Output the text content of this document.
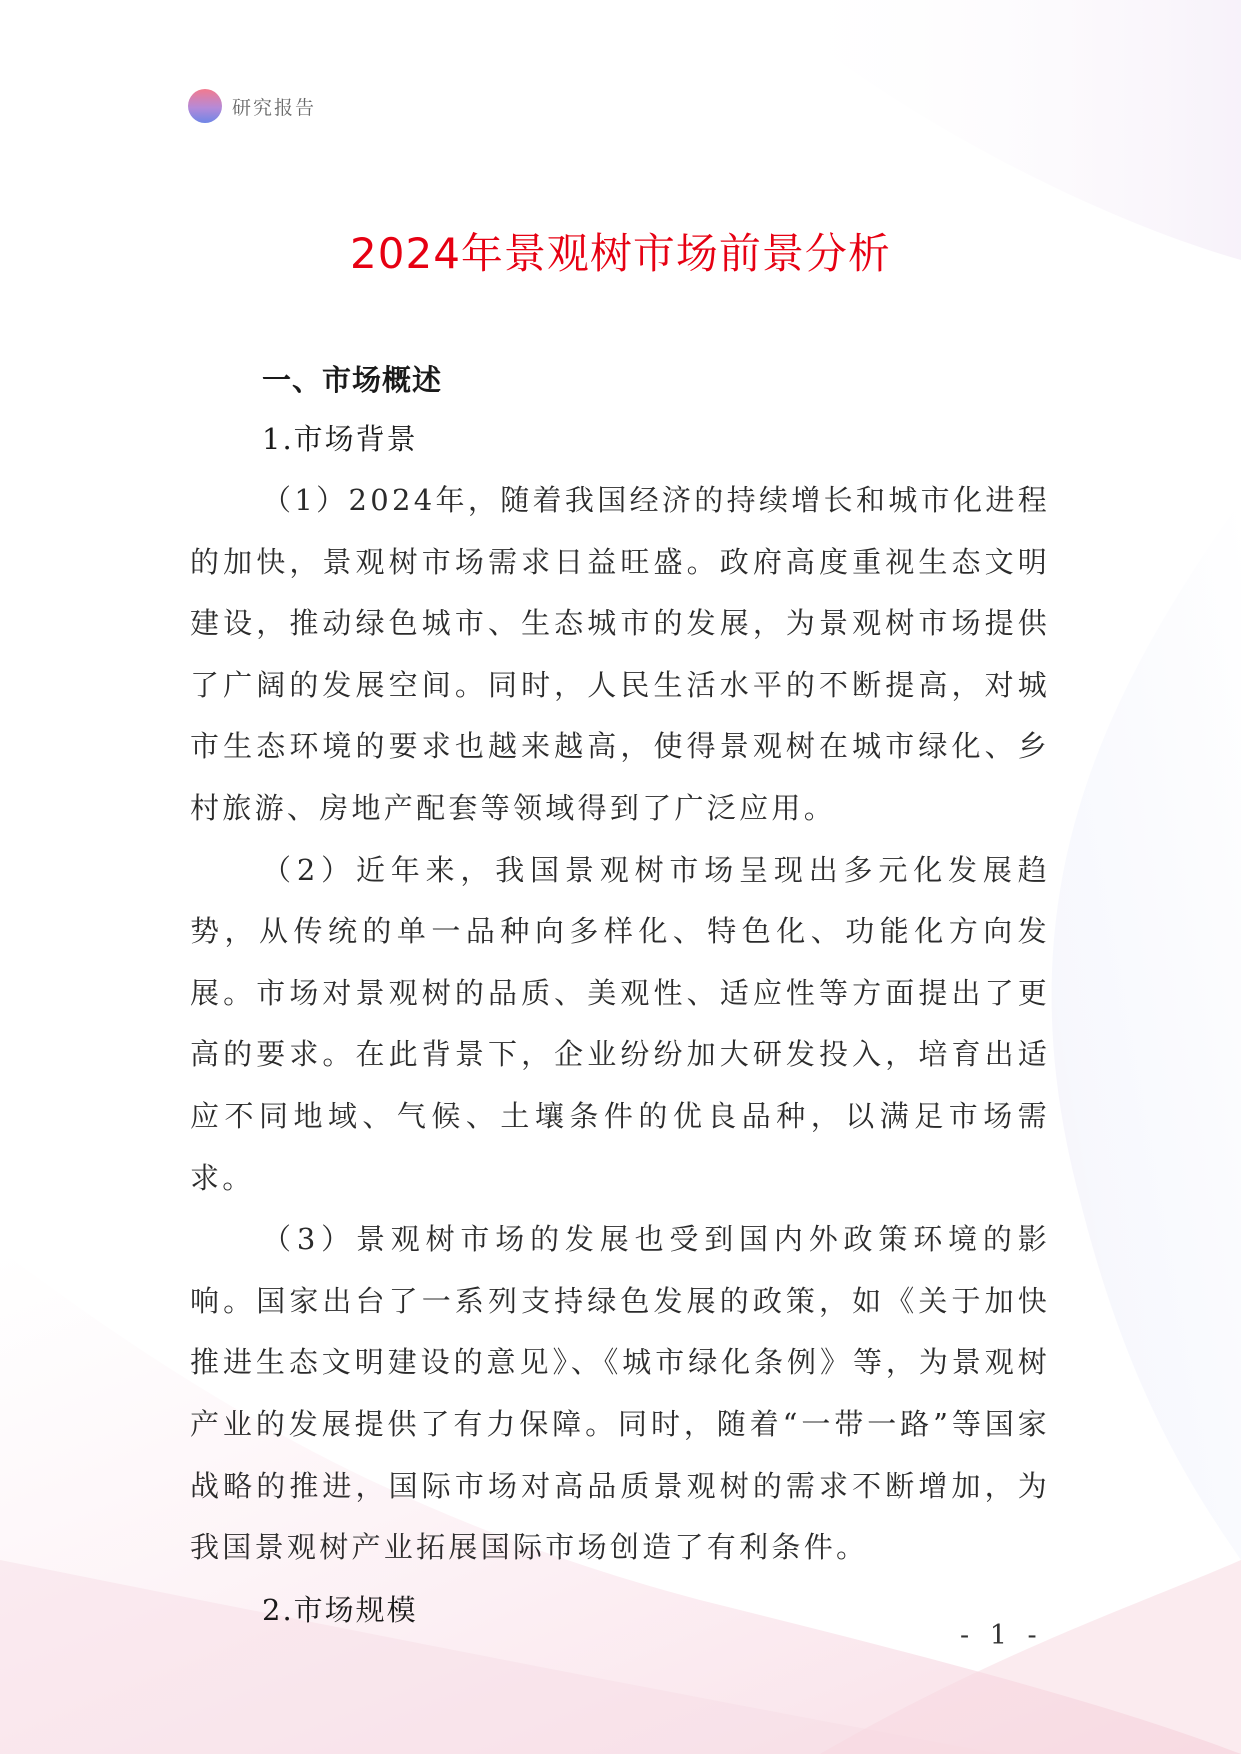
研究报告
2024年景观树市场前景分析
一、市场概述
1.市场背景

（1）2024年，随着我国经济的持续增长和城市化进程的加快，景观树市场需求日益旺盛。政府高度重视生态文明建设，推动绿色城市、生态城市的发展，为景观树市场提供了广阔的发展空间。同时，人民生活水平的不断提高，对城市生态环境的要求也越来越高，使得景观树在城市绿化、乡村旅游、房地产配套等领域得到了广泛应用。

（2）近年来，我国景观树市场呈现出多元化发展趋势，从传统的单一品种向多样化、特色化、功能化方向发展。市场对景观树的品质、美观性、适应性等方面提出了更高的要求。在此背景下，企业纷纷加大研发投入，培育出适应不同地域、气候、土壤条件的优良品种，以满足市场需求。

（3）景观树市场的发展也受到国内外政策环境的影响。国家出台了一系列支持绿色发展的政策，如《关于加快推进生态文明建设的意见》、《城市绿化条例》等，为景观树产业的发展提供了有力保障。同时，随着“一带一路”等国家战略的推进，国际市场对高品质景观树的需求不断增加，为我国景观树产业拓展国际市场创造了有利条件。

2.市场规模
- 1 -
